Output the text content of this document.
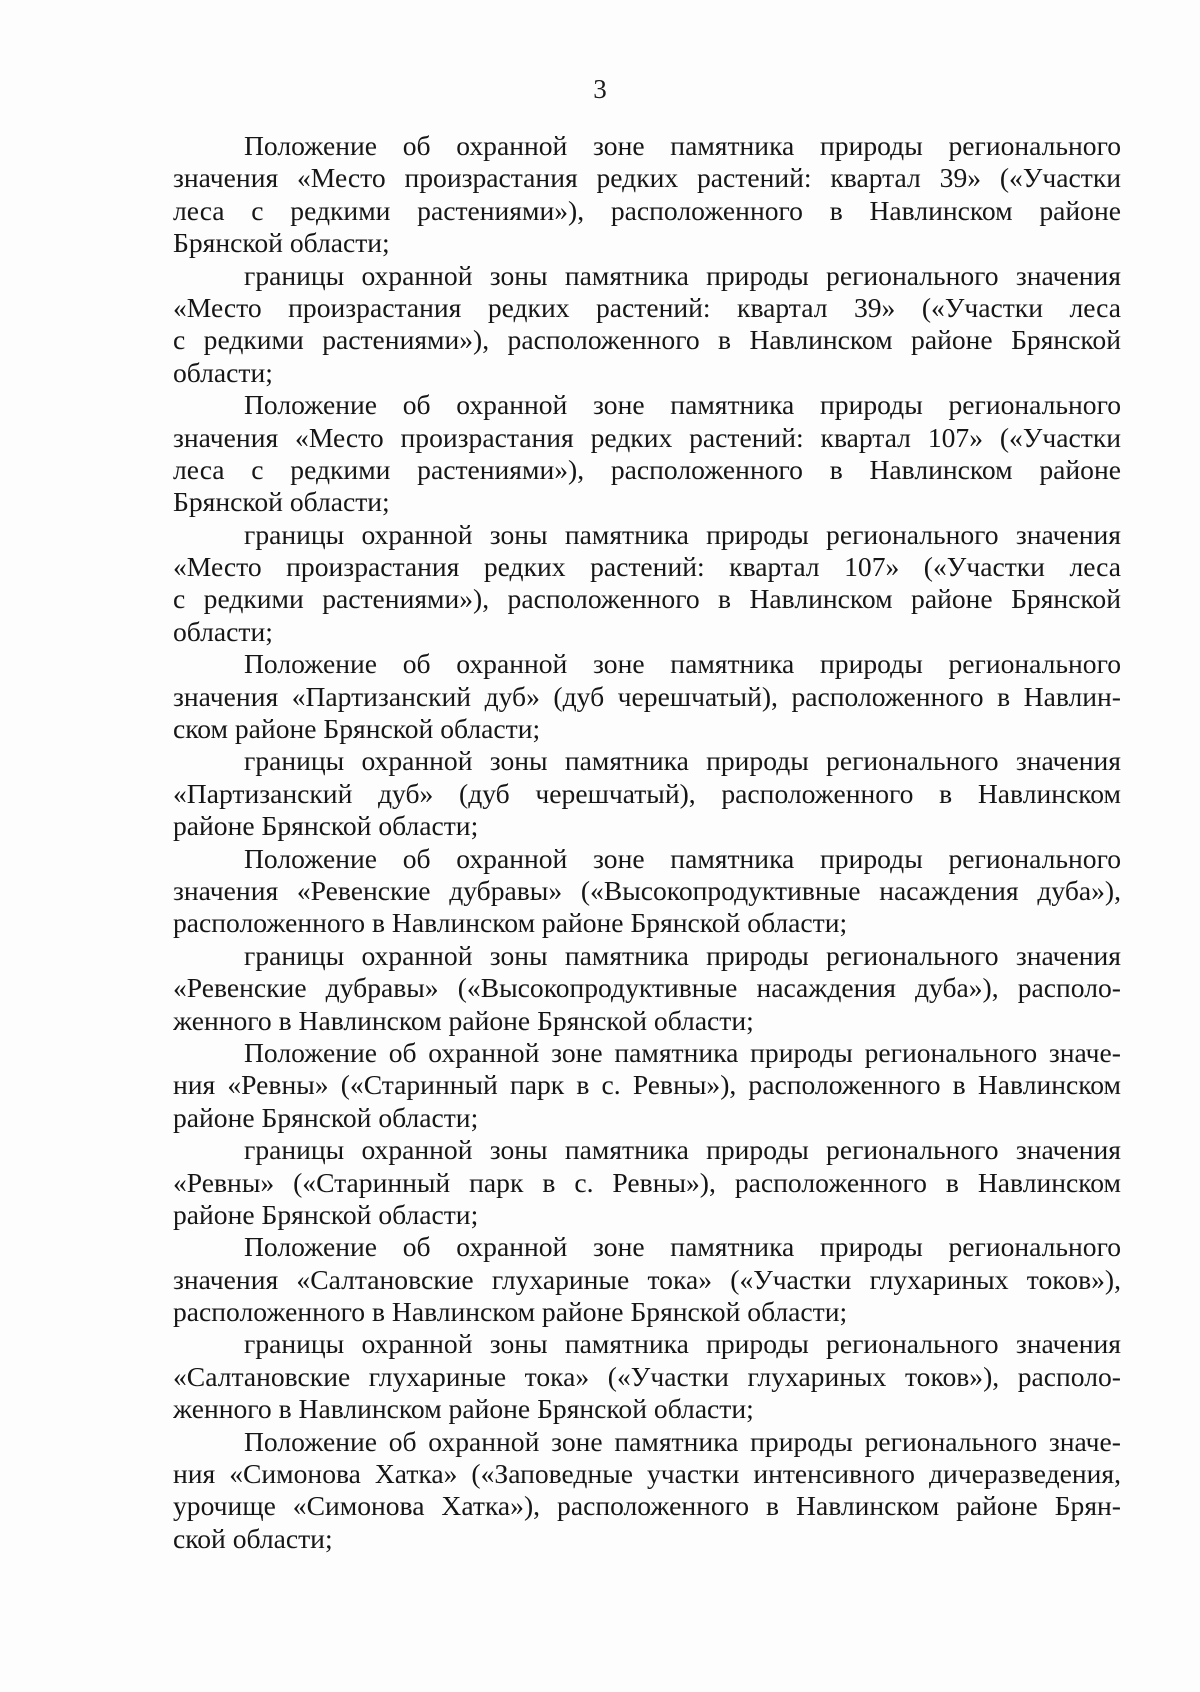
3
Положение об охранной зоне памятника природы регионального
значения «Место произрастания редких растений: квартал 39» («Участки
леса с редкими растениями»), расположенного в Навлинском районе
Брянской области;
границы охранной зоны памятника природы регионального значения
«Место произрастания редких растений: квартал 39» («Участки леса
с редкими растениями»), расположенного в Навлинском районе Брянской
области;
Положение об охранной зоне памятника природы регионального
значения «Место произрастания редких растений: квартал 107» («Участки
леса с редкими растениями»), расположенного в Навлинском районе
Брянской области;
границы охранной зоны памятника природы регионального значения
«Место произрастания редких растений: квартал 107» («Участки леса
с редкими растениями»), расположенного в Навлинском районе Брянской
области;
Положение об охранной зоне памятника природы регионального
значения «Партизанский дуб» (дуб черешчатый), расположенного в Навлин-
ском районе Брянской области;
границы охранной зоны памятника природы регионального значения
«Партизанский дуб» (дуб черешчатый), расположенного в Навлинском
районе Брянской области;
Положение об охранной зоне памятника природы регионального
значения «Ревенские дубравы» («Высокопродуктивные насаждения дуба»),
расположенного в Навлинском районе Брянской области;
границы охранной зоны памятника природы регионального значения
«Ревенские дубравы» («Высокопродуктивные насаждения дуба»), располо-
женного в Навлинском районе Брянской области;
Положение об охранной зоне памятника природы регионального значе-
ния «Ревны» («Старинный парк в с. Ревны»), расположенного в Навлинском
районе Брянской области;
границы охранной зоны памятника природы регионального значения
«Ревны» («Старинный парк в с. Ревны»), расположенного в Навлинском
районе Брянской области;
Положение об охранной зоне памятника природы регионального
значения «Салтановские глухариные тока» («Участки глухариных токов»),
расположенного в Навлинском районе Брянской области;
границы охранной зоны памятника природы регионального значения
«Салтановские глухариные тока» («Участки глухариных токов»), располо-
женного в Навлинском районе Брянской области;
Положение об охранной зоне памятника природы регионального значе-
ния «Симонова Хатка» («Заповедные участки интенсивного дичеразведения,
урочище «Симонова Хатка»), расположенного в Навлинском районе Брян-
ской области;
